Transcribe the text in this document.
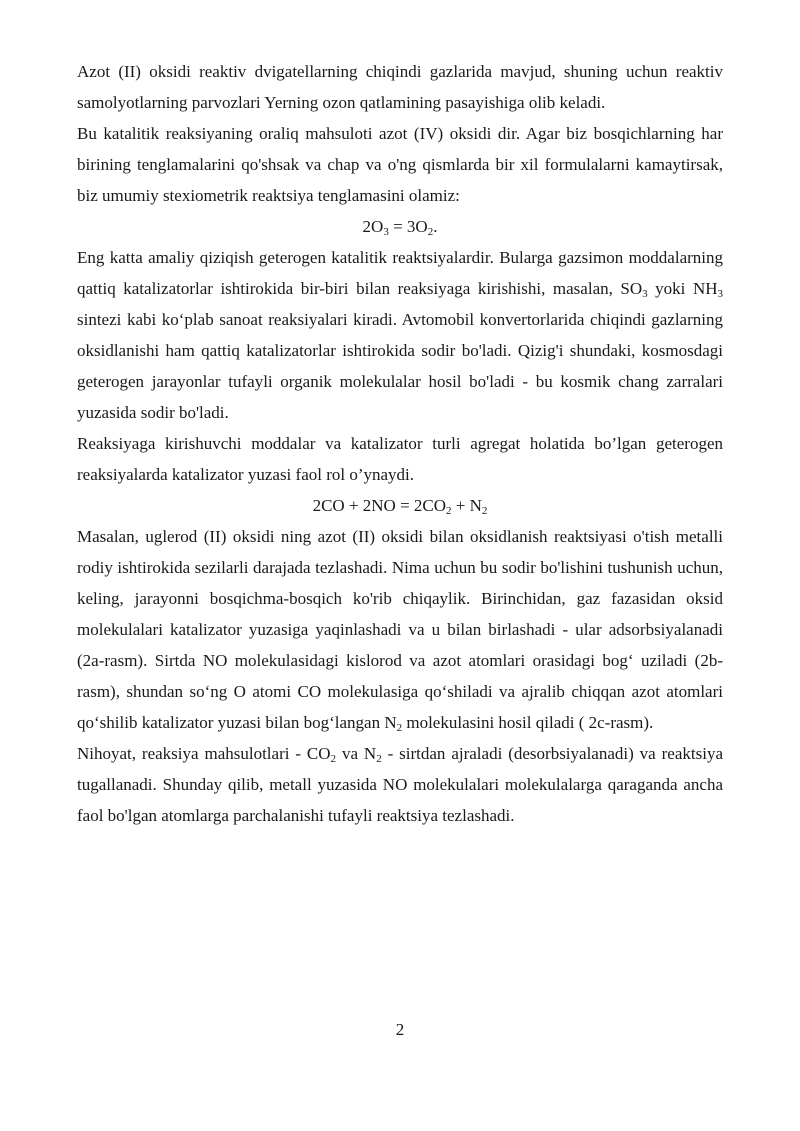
Azot (II) oksidi reaktiv dvigatellarning chiqindi gazlarida mavjud, shuning uchun reaktiv samolyotlarning parvozlari Yerning ozon qatlamining pasayishiga olib keladi.

Bu katalitik reaksiyaning oraliq mahsuloti azot (IV) oksidi dir. Agar biz bosqichlarning har birining tenglamalarini qo'shsak va chap va o'ng qismlarda bir xil formulalarni kamaytirsak, biz umumiy stexiometrik reaktsiya tenglamasini olamiz:

$2O_3 = 3O_2$.

Eng katta amaliy qiziqish geterogen katalitik reaktsiyalardir. Bularga gazsimon moddalarning qattiq katalizatorlar ishtirokida bir-biri bilan reaksiyaga kirishishi, masalan, $SO_3$ yoki $NH_3$ sintezi kabi ko‘plab sanoat reaksiyalari kiradi. Avtomobil konvertorlarida chiqindi gazlarning oksidlanishi ham qattiq katalizatorlar ishtirokida sodir bo'ladi. Qizig'i shundaki, kosmosdagi geterogen jarayonlar tufayli organik molekulalar hosil bo'ladi - bu kosmik chang zarralari yuzasida sodir bo'ladi.

Reaksiyaga kirishuvchi moddalar va katalizator turli agregat holatida bo’lgan geterogen reaksiyalarda katalizator yuzasi faol rol o’ynaydi.

$2CO + 2NO = 2CO_2 + N_2$

Masalan, uglerod (II) oksidi ning azot (II) oksidi bilan oksidlanish reaktsiyasi o'tish metalli rodiy ishtirokida sezilarli darajada tezlashadi. Nima uchun bu sodir bo'lishini tushunish uchun, keling, jarayonni bosqichma-bosqich ko'rib chiqaylik. Birinchidan, gaz fazasidan oksid molekulalari katalizator yuzasiga yaqinlashadi va u bilan birlashadi - ular adsorbsiyalanadi (2a-rasm). Sirtda NO molekulasidagi kislorod va azot atomlari orasidagi bog‘ uziladi (2b-rasm), shundan so‘ng O atomi CO molekulasiga qo‘shiladi va ajralib chiqqan azot atomlari qo‘shilib katalizator yuzasi bilan bog‘langan $N_2$ molekulasini hosil qiladi ( 2c-rasm).

Nihoyat, reaksiya mahsulotlari - $CO_2$ va $N_2$ - sirtdan ajraladi (desorbsiyalanadi) va reaktsiya tugallanadi. Shunday qilib, metall yuzasida NO molekulalari molekulalarga qaraganda ancha faol bo'lgan atomlarga parchalanishi tufayli reaktsiya tezlashadi.

2
